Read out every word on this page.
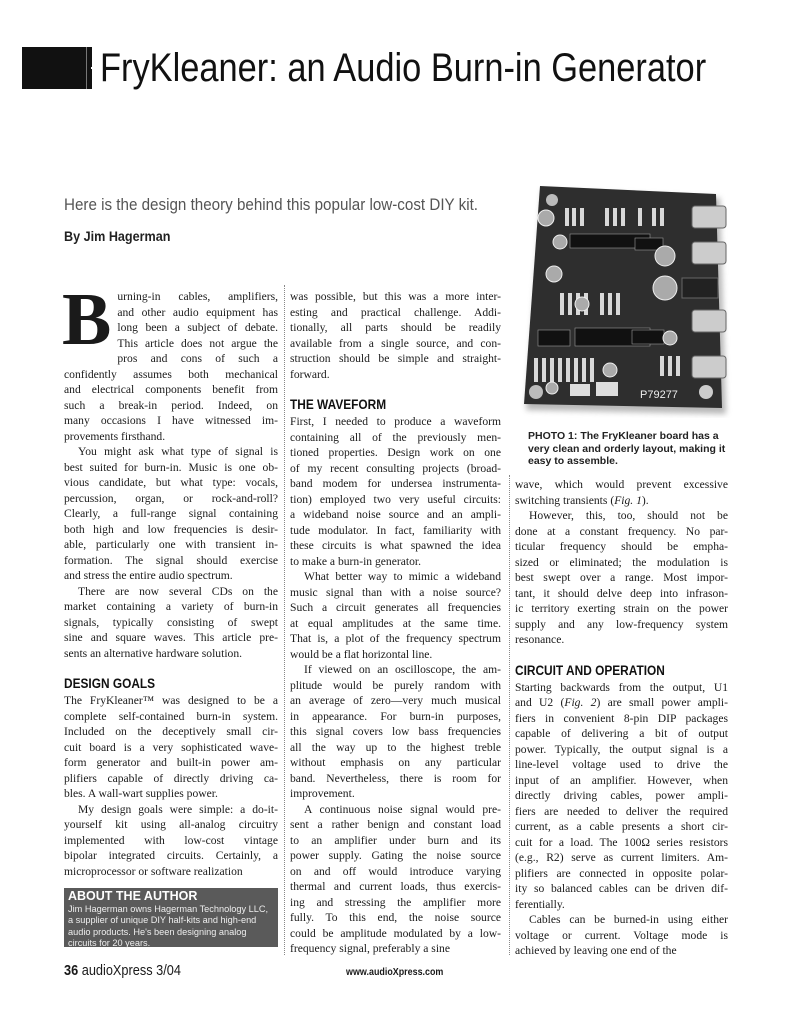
FryKleaner: an Audio Burn-in Generator
Here is the design theory behind this popular low-cost DIY kit.
By Jim Hagerman
B urning-in cables, amplifiers,
and other audio equipment has
long been a subject of debate.
This article does not argue the
pros and cons of such a
confidently assumes both mechanical
and electrical components benefit from
such a break-in period. Indeed, on
many occasions I have witnessed im-
provements firsthand.
You might ask what type of signal is
best suited for burn-in. Music is one ob-
vious candidate, but what type: vocals,
percussion, organ, or rock-and-roll?
Clearly, a full-range signal containing
both high and low frequencies is desir-
able, particularly one with transient in-
formation. The signal should exercise
and stress the entire audio spectrum.
There are now several CDs on the
market containing a variety of burn-in
signals, typically consisting of swept
sine and square waves. This article pre-
sents an alternative hardware solution.
DESIGN GOALS
The FryKleaner™ was designed to be a
complete self-contained burn-in system.
Included on the deceptively small cir-
cuit board is a very sophisticated wave-
form generator and built-in power am-
plifiers capable of directly driving ca-
bles. A wall-wart supplies power.
My design goals were simple: a do-it-
yourself kit using all-analog circuitry
implemented with low-cost vintage
bipolar integrated circuits. Certainly, a
microprocessor or software realization
was possible, but this was a more inter-
esting and practical challenge. Addi-
tionally, all parts should be readily
available from a single source, and con-
struction should be simple and straight-
forward.
THE WAVEFORM
First, I needed to produce a waveform
containing all of the previously men-
tioned properties. Design work on one
of my recent consulting projects (broad-
band modem for undersea instrumenta-
tion) employed two very useful circuits:
a wideband noise source and an ampli-
tude modulator. In fact, familiarity with
these circuits is what spawned the idea
to make a burn-in generator.
What better way to mimic a wideband
music signal than with a noise source?
Such a circuit generates all frequencies
at equal amplitudes at the same time.
That is, a plot of the frequency spectrum
would be a flat horizontal line.
If viewed on an oscilloscope, the am-
plitude would be purely random with
an average of zero—very much musical
in appearance. For burn-in purposes,
this signal covers low bass frequencies
all the way up to the highest treble
without emphasis on any particular
band. Nevertheless, there is room for
improvement.
A continuous noise signal would pre-
sent a rather benign and constant load
to an amplifier under burn and its
power supply. Gating the noise source
on and off would introduce varying
thermal and current loads, thus exercis-
ing and stressing the amplifier more
fully. To this end, the noise source
could be amplitude modulated by a low-
frequency signal, preferably a sine
wave, which would prevent excessive
switching transients (Fig. 1).
However, this, too, should not be
done at a constant frequency. No par-
ticular frequency should be empha-
sized or eliminated; the modulation is
best swept over a range. Most impor-
tant, it should delve deep into infrason-
ic territory exerting strain on the power
supply and any low-frequency system
resonance.
CIRCUIT AND OPERATION
Starting backwards from the output, U1
and U2 (Fig. 2) are small power ampli-
fiers in convenient 8-pin DIP packages
capable of delivering a bit of output
power. Typically, the output signal is a
line-level voltage used to drive the
input of an amplifier. However, when
directly driving cables, power ampli-
fiers are needed to deliver the required
current, as a cable presents a short cir-
cuit for a load. The 100Ω series resistors
(e.g., R2) serve as current limiters. Am-
plifiers are connected in opposite polar-
ity so balanced cables can be driven dif-
ferentially.
Cables can be burned-in using either
voltage or current. Voltage mode is
achieved by leaving one end of the
P79277
PHOTO 1: The FryKleaner board has a very clean and orderly layout, making it easy to assemble.
ABOUT THE AUTHOR
Jim Hagerman owns Hagerman Technology LLC, a supplier of unique DIY half-kits and high-end audio products. He's been designing analog circuits for 20 years.
36 audioXpress 3/04	www.audioXpress.com
